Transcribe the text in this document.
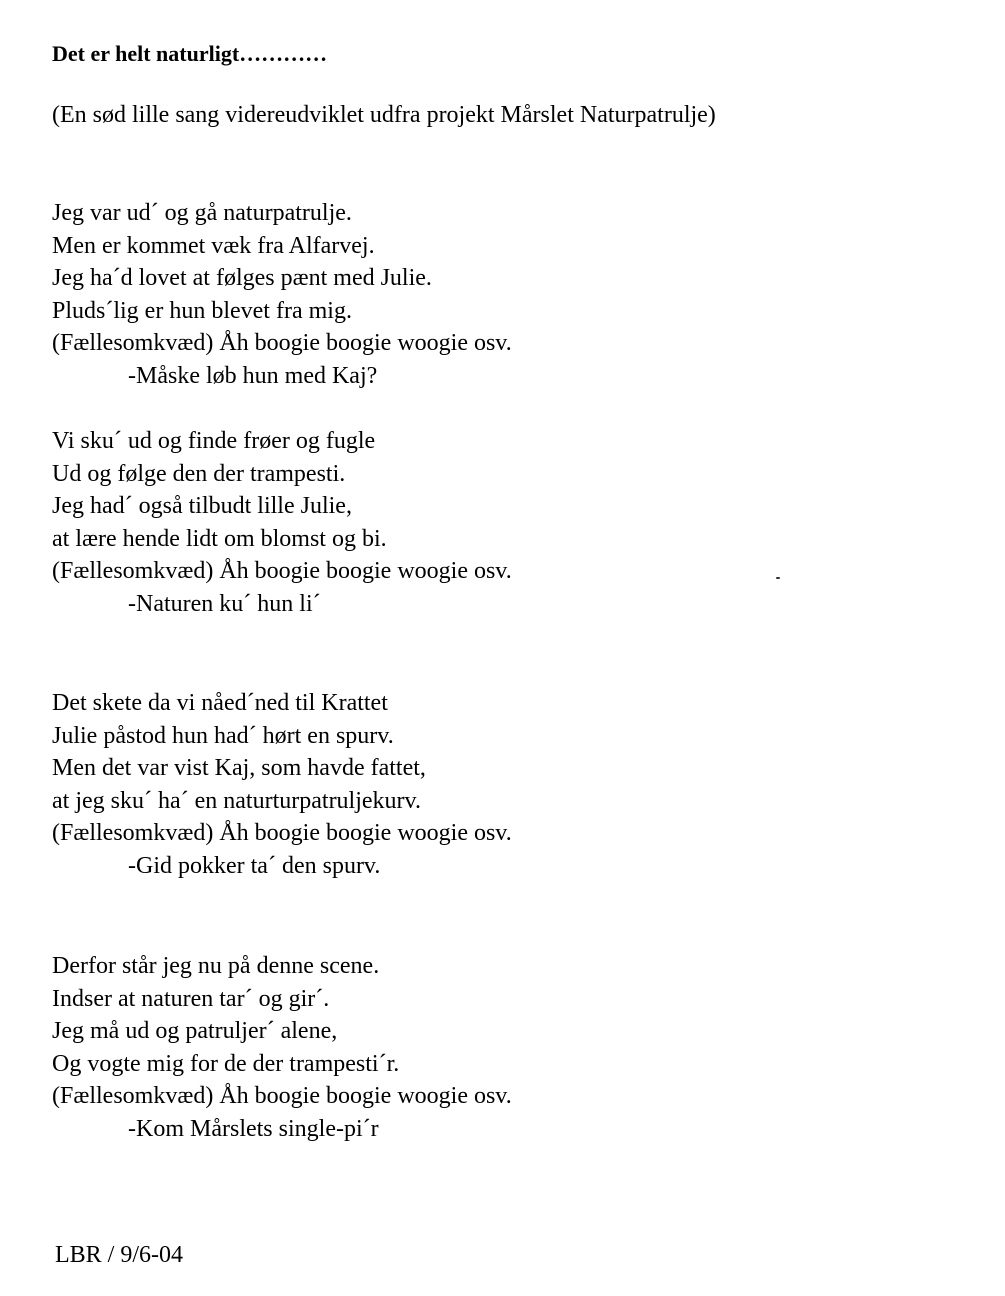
Det er helt naturligt…………
(En sød lille sang videreudviklet udfra projekt Mårslet Naturpatrulje)
Jeg var ud´ og gå naturpatrulje.
Men er kommet væk fra Alfarvej.
Jeg ha´d lovet at følges pænt med Julie.
Pluds´lig er hun blevet fra mig.
(Fællesomkvæd) Åh boogie boogie woogie osv.
-Måske løb hun med Kaj?
Vi sku´ ud og finde frøer og fugle
Ud og følge den der trampesti.
Jeg had´ også tilbudt lille Julie,
at lære hende lidt om blomst og bi.
(Fællesomkvæd) Åh boogie boogie woogie osv.
-Naturen ku´ hun li´
Det skete da vi nåed´ned til Krattet
Julie påstod hun had´ hørt en spurv.
Men det var vist Kaj, som havde fattet,
at jeg sku´ ha´ en naturturpatruljekurv.
(Fællesomkvæd) Åh boogie boogie woogie osv.
-Gid pokker ta´ den spurv.
Derfor står jeg nu på denne scene.
Indser at naturen tar´ og gir´.
Jeg må ud og patruljer´ alene,
Og vogte mig for de der trampesti´r.
(Fællesomkvæd) Åh boogie boogie woogie osv.
-Kom Mårslets single-pi´r
LBR / 9/6-04
